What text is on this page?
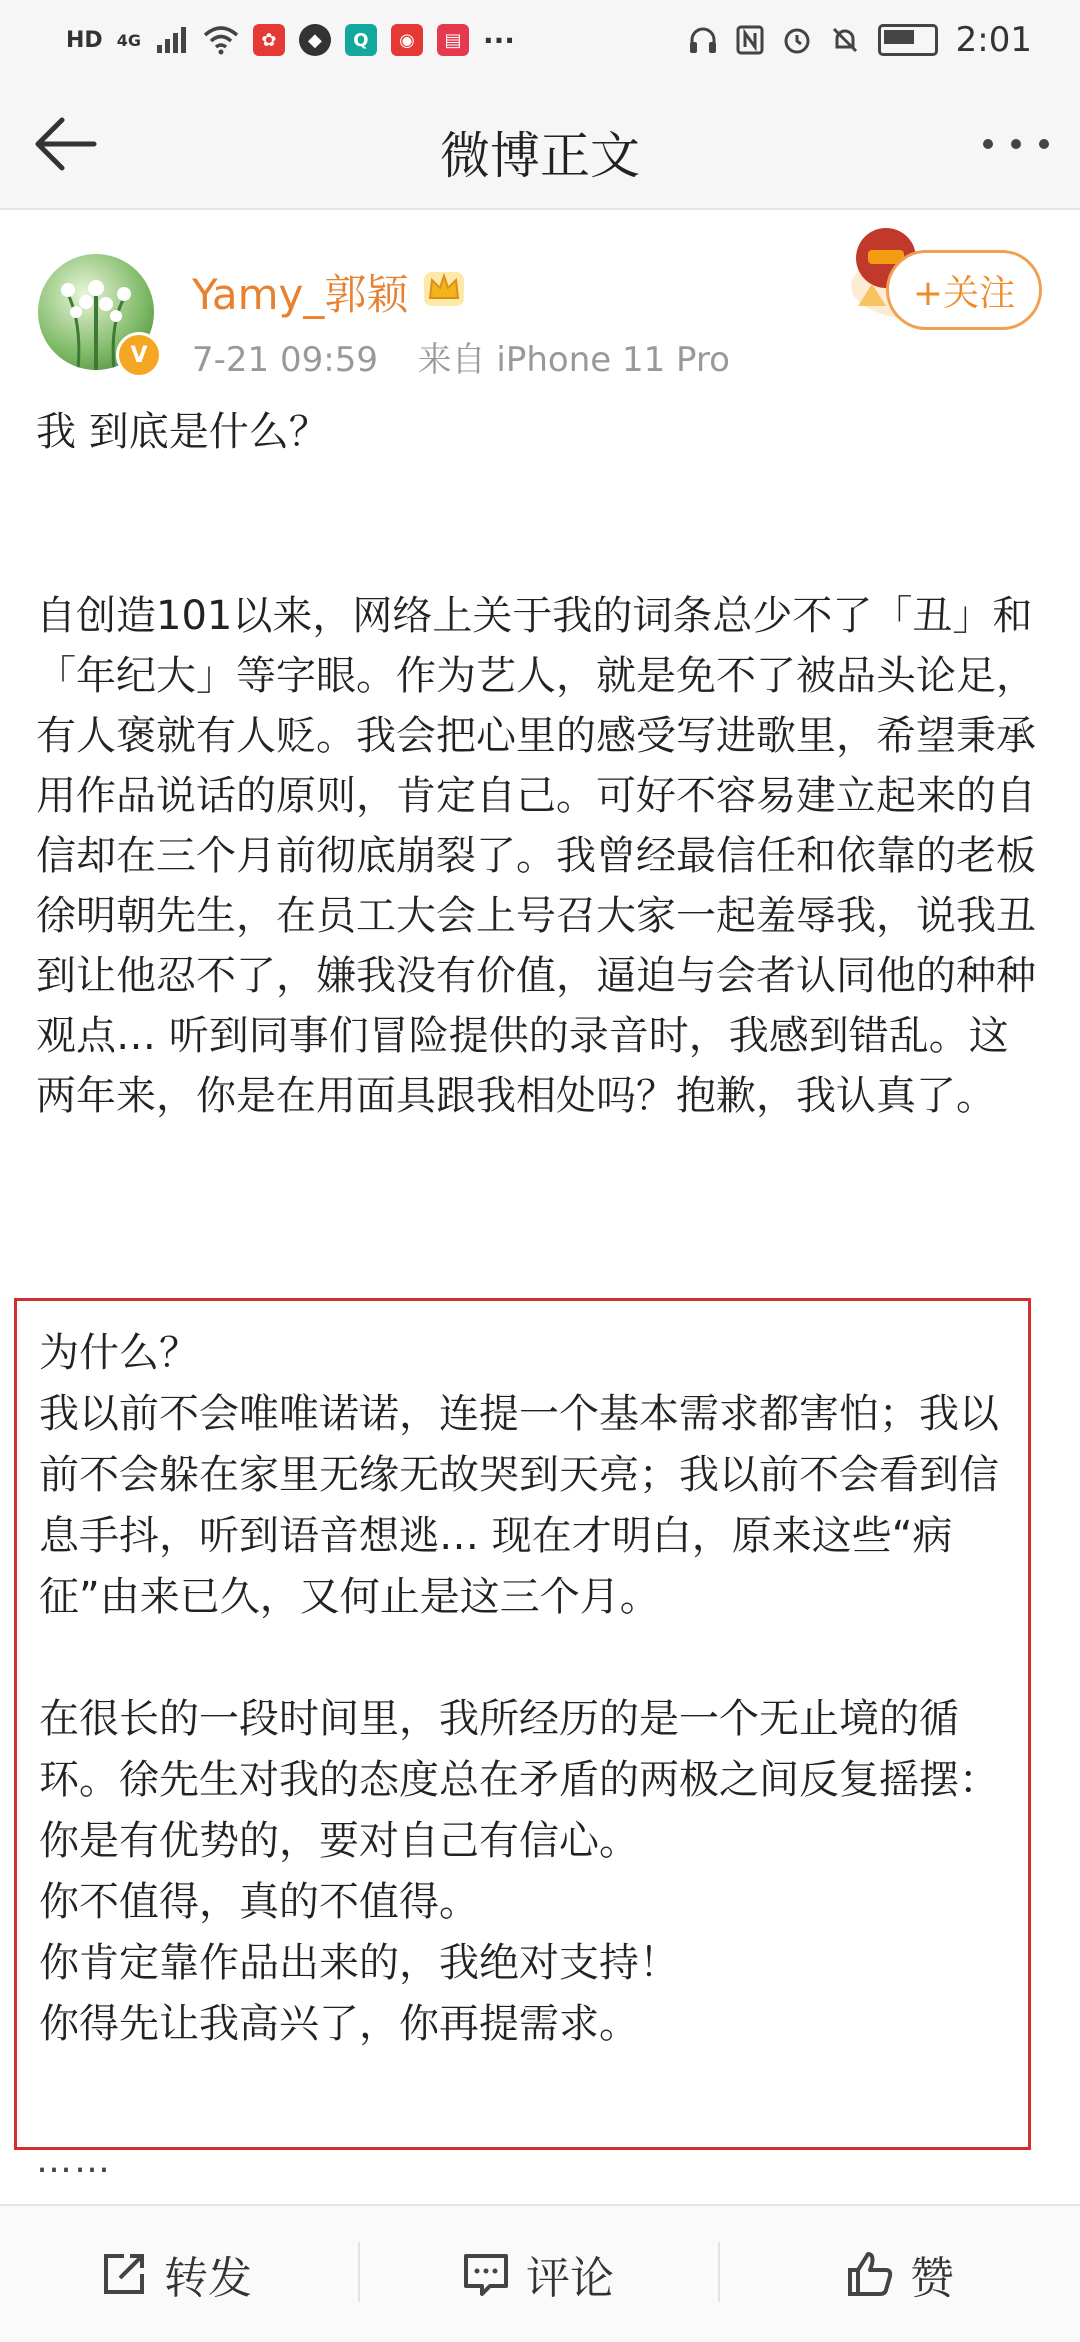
HD 4G	✿	◆	Q	◉	▤ ···	2:01
微博正文
V
Yamy_郭颖
7-21 09:59 来自 iPhone 11 Pro
+关注
我 到底是什么？
自创造101以来，网络上关于我的词条总少不了「丑」和「年纪大」等字眼。作为艺人，就是免不了被品头论足，有人褒就有人贬。我会把心里的感受写进歌里，希望秉承用作品说话的原则，肯定自己。可好不容易建立起来的自信却在三个月前彻底崩裂了。我曾经最信任和依靠的老板徐明朝先生，在员工大会上号召大家一起羞辱我，说我丑到让他忍不了，嫌我没有价值，逼迫与会者认同他的种种观点… 听到同事们冒险提供的录音时，我感到错乱。这两年来，你是在用面具跟我相处吗？抱歉，我认真了。
为什么？
我以前不会唯唯诺诺，连提一个基本需求都害怕；我以前不会躲在家里无缘无故哭到天亮；我以前不会看到信息手抖，听到语音想逃… 现在才明白，原来这些“病征”由来已久，又何止是这三个月。
在很长的一段时间里，我所经历的是一个无止境的循环。徐先生对我的态度总在矛盾的两极之间反复摇摆：
你是有优势的，要对自己有信心。
你不值得，真的不值得。
你肯定靠作品出来的，我绝对支持！
你得先让我高兴了，你再提需求。
……
转发	评论	赞
